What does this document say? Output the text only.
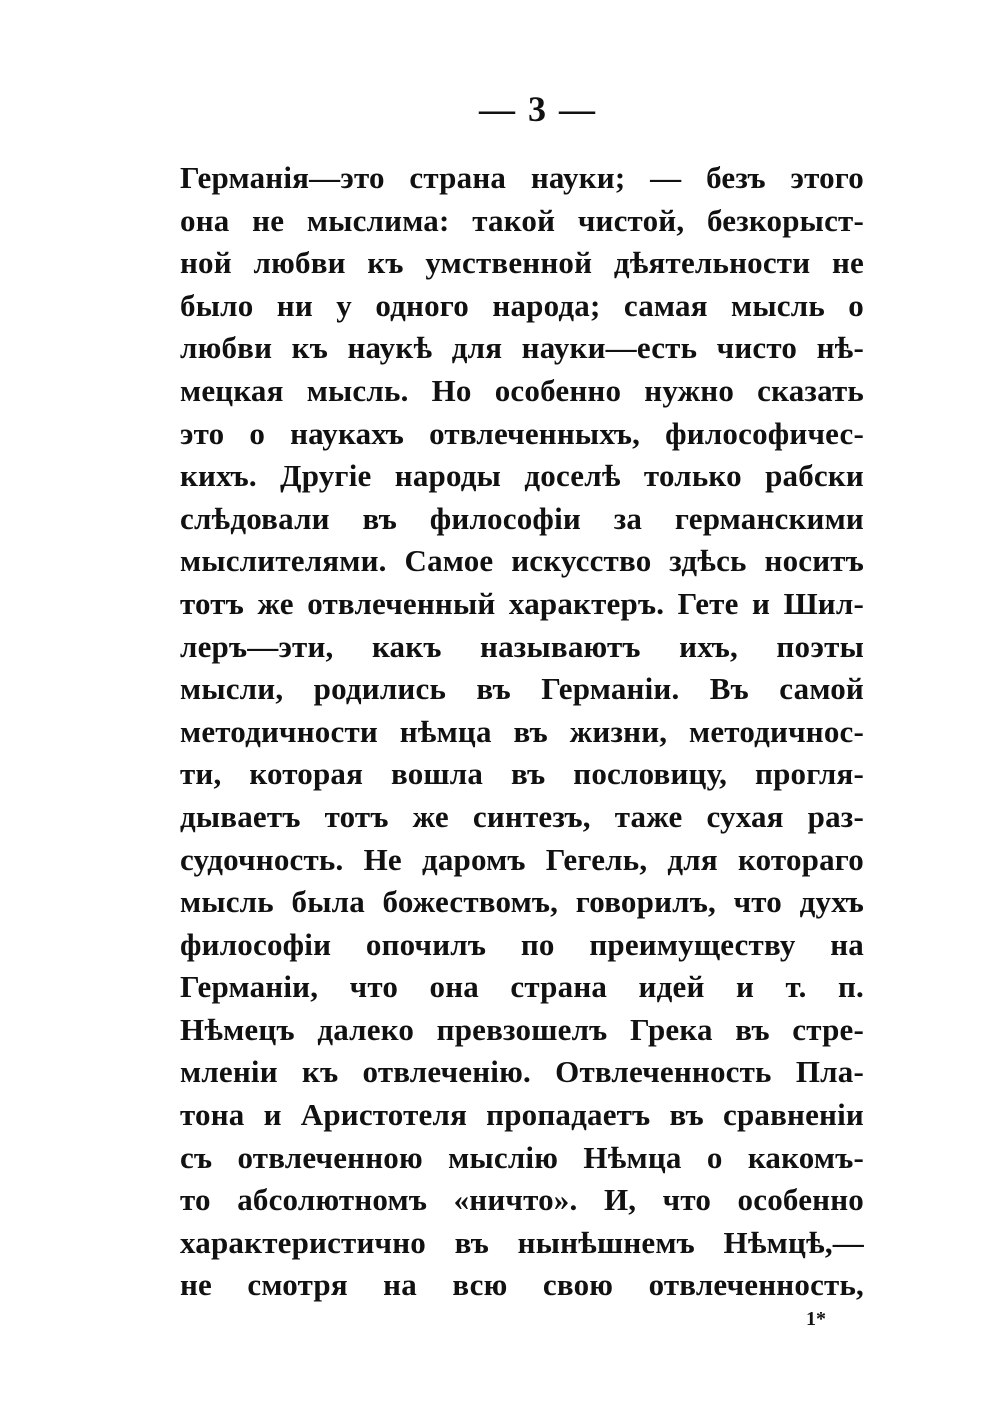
— 3 —
Германія—это страна науки; — безъ этого
она не мыслима: такой чистой, безкорыст-
ной любви къ умственной дѣятельности не
было ни у одного народа; самая мысль о
любви къ наукѣ для науки—есть чисто нѣ-
мецкая мысль. Но особенно нужно сказать
это о наукахъ отвлеченныхъ, философичес-
кихъ. Другіе народы доселѣ только рабски
слѣдовали въ философіи за германскими
мыслителями. Самое искусство здѣсь носитъ
тотъ же отвлеченный характеръ. Гете и Шил-
леръ—эти, какъ называютъ ихъ, поэты
мысли, родились въ Германіи. Въ самой
методичности нѣмца въ жизни, методичнос-
ти, которая вошла въ пословицу, прогля-
дываетъ тотъ же синтезъ, таже сухая раз-
судочность. Не даромъ Гегель, для котораго
мысль была божествомъ, говорилъ, что духъ
философіи опочилъ по преимуществу на
Германіи, что она страна идей и т. п.
Нѣмецъ далеко превзошелъ Грека въ стре-
мленіи къ отвлеченію. Отвлеченность Пла-
тона и Аристотеля пропадаетъ въ сравненіи
съ отвлеченною мыслію Нѣмца о какомъ-
то абсолютномъ «ничто». И, что особенно
характеристично въ нынѣшнемъ Нѣмцѣ,—
не смотря на всю свою отвлеченность,
1*
